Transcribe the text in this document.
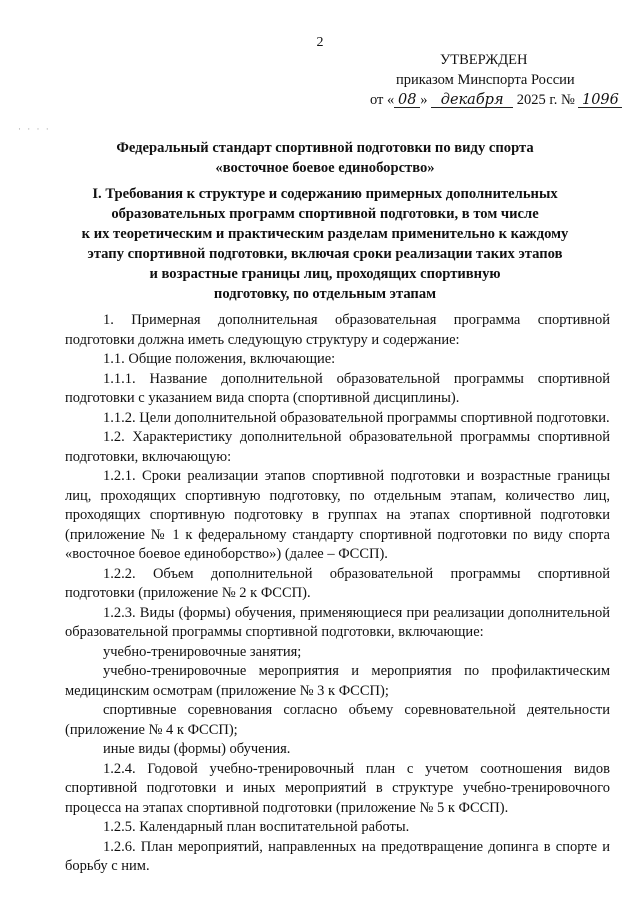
2
УТВЕРЖДЕН
приказом Минспорта России
от « 08 » декабря 2025 г. № 1096
· · · ·
Федеральный стандарт спортивной подготовки по виду спорта
«восточное боевое единоборство»
I. Требования к структуре и содержанию примерных дополнительных
образовательных программ спортивной подготовки, в том числе
к их теоретическим и практическим разделам применительно к каждому
этапу спортивной подготовки, включая сроки реализации таких этапов
и возрастные границы лиц, проходящих спортивную
подготовку, по отдельным этапам

1. Примерная дополнительная образовательная программа спортивной подготовки должна иметь следующую структуру и содержание:

1.1. Общие положения, включающие:

1.1.1. Название дополнительной образовательной программы спортивной подготовки с указанием вида спорта (спортивной дисциплины).

1.1.2. Цели дополнительной образовательной программы спортивной подготовки.

1.2. Характеристику дополнительной образовательной программы спортивной подготовки, включающую:

1.2.1. Сроки реализации этапов спортивной подготовки и возрастные границы лиц, проходящих спортивную подготовку, по отдельным этапам, количество лиц, проходящих спортивную подготовку в группах на этапах спортивной подготовки (приложение № 1 к федеральному стандарту спортивной подготовки по виду спорта «восточное боевое единоборство») (далее – ФССП).

1.2.2. Объем дополнительной образовательной программы спортивной подготовки (приложение № 2 к ФССП).

1.2.3. Виды (формы) обучения, применяющиеся при реализации дополнительной образовательной программы спортивной подготовки, включающие:

учебно-тренировочные занятия;

учебно-тренировочные мероприятия и мероприятия по профилактическим медицинским осмотрам (приложение № 3 к ФССП);

спортивные соревнования согласно объему соревновательной деятельности (приложение № 4 к ФССП);

иные виды (формы) обучения.

1.2.4. Годовой учебно-тренировочный план с учетом соотношения видов спортивной подготовки и иных мероприятий в структуре учебно-тренировочного процесса на этапах спортивной подготовки (приложение № 5 к ФССП).

1.2.5. Календарный план воспитательной работы.

1.2.6. План мероприятий, направленных на предотвращение допинга в спорте и борьбу с ним.
